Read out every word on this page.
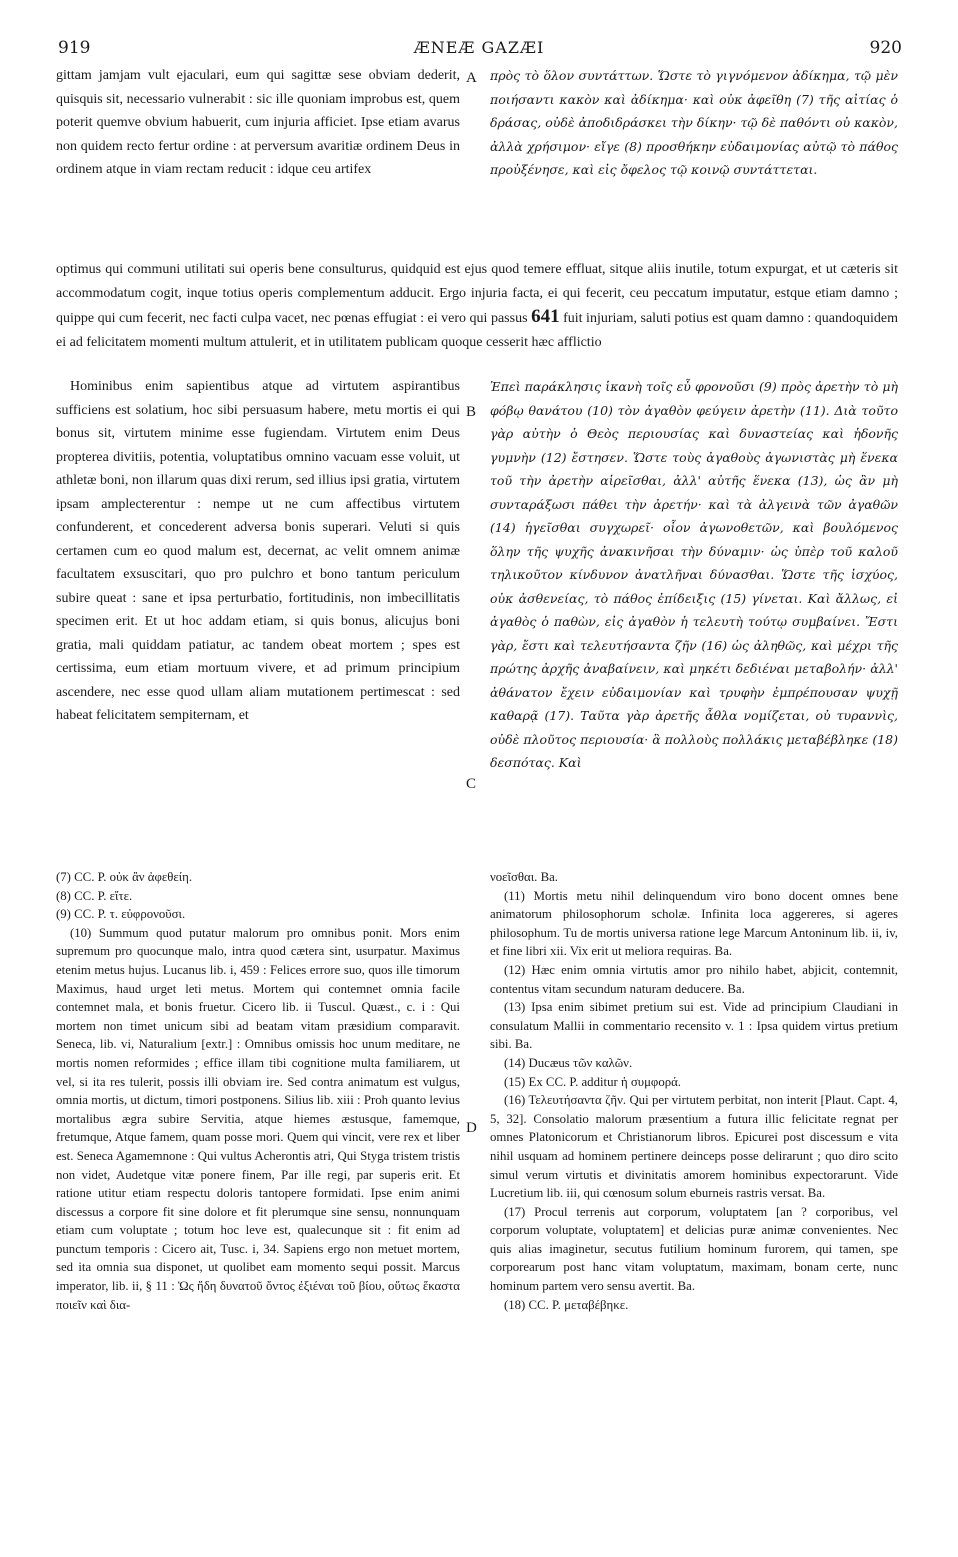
919	ÆNEÆ GAZÆI	920

gittam jamjam vult ejaculari, eum qui sagittæ sese obviam dederit, quisquis sit, necessario vulnerabit : sic ille quoniam improbus est, quem poterit quemve obvium habuerit, cum injuria afficiet. Ipse etiam avarus non quidem recto fertur ordine : at perversum avaritiæ ordinem Deus in ordinem atque in viam rectam reducit : idque ceu artifex

A πρὸς τὸ ὅλον συντάττων. Ὥστε τὸ γιγνόμενον ἀδίκημα, τῷ μὲν ποιήσαντι κακὸν καὶ ἀδίκημα· καὶ οὐκ ἀφεῖθη (7) τῆς αἰτίας ὁ δράσας, οὐδὲ ἀποδιδράσκει τὴν δίκην· τῷ δὲ παθόντι οὐ κακὸν, ἀλλὰ χρήσιμον· εἴγε (8) προσθήκην εὐδαιμονίας αὐτῷ τὸ πάθος προὐξένησε, καὶ εἰς ὄφελος τῷ κοινῷ συντάττεται.

optimus qui communi utilitati sui operis bene consulturus, quidquid est ejus quod temere effluat, sitque aliis inutile, totum expurgat, et ut cæteris sit accommodatum cogit, inque totius operis complementum adducit. Ergo injuria facta, ei qui fecerit, ceu peccatum imputatur, estque etiam damno ; quippe qui cum fecerit, nec facti culpa vacet, nec pœnas effugiat : ei vero qui passus 641 fuit injuriam, saluti potius est quam damno : quandoquidem ei ad felicitatem momenti multum attulerit, et in utilitatem publicam quoque cesserit hæc afflictio

Hominibus enim sapientibus atque ad virtutem aspirantibus sufficiens est solatium, hoc sibi persuasum habere, metu mortis ei qui bonus sit, virtutem minime esse fugiendam. Virtutem enim Deus propterea divitiis, potentia, voluptatibus omnino vacuam esse voluit, ut athletæ boni, non illarum quas dixi rerum, sed illius ipsi gratia, virtutem ipsam amplecterentur : nempe ut ne cum affectibus virtutem confunderent, et concederent adversa bonis superari. Veluti si quis certamen cum eo quod malum est, decernat, ac velit omnem animæ facultatem exsuscitari, quo pro pulchro et bono tantum periculum subire queat : sane et ipsa perturbatio, fortitudinis, non imbecillitatis specimen erit. Et ut hoc addam etiam, si quis bonus, alicujus boni gratia, mali quiddam patiatur, ac tandem obeat mortem ; spes est certissima, eum etiam mortuum vivere, et ad primum principium ascendere, nec esse quod ullam aliam mutationem pertimescat : sed habeat felicitatem sempiternam, et

B
C

Ἐπεὶ παράκλησις ἱκανὴ τοῖς εὖ φρονοῦσι (9) πρὸς ἀρετὴν τὸ μὴ φόβῳ θανάτου (10) τὸν ἀγαθὸν φεύγειν ἀρετὴν (11). Διὰ τοῦτο γὰρ αὐτὴν ὁ Θεὸς περιουσίας καὶ δυναστείας καὶ ἡδονῆς γυμνὴν (12) ἔστησεν. Ὥστε τοὺς ἀγαθοὺς ἀγωνιστὰς μὴ ἕνεκα τοῦ τὴν ἀρετὴν αἱρεῖσθαι, ἀλλ' αὐτῆς ἕνεκα (13), ὡς ἂν μὴ συνταράξωσι πάθει τὴν ἀρετήν· καὶ τὰ ἀλγεινὰ τῶν ἀγαθῶν (14) ἡγεῖσθαι συγχωρεῖ· οἷον ἀγωνοθετῶν, καὶ βουλόμενος ὅλην τῆς ψυχῆς ἀνακινῆσαι τὴν δύναμιν· ὡς ὑπὲρ τοῦ καλοῦ τηλικοῦτον κίνδυνον ἀνατλῆναι δύνασθαι. Ὥστε τῆς ἰσχύος, οὐκ ἀσθενείας, τὸ πάθος ἐπίδειξις (15) γίνεται. Καὶ ἄλλως, εἰ ἀγαθὸς ὁ παθὼν, εἰς ἀγαθὸν ἡ τελευτὴ τούτῳ συμβαίνει. Ἔστι γὰρ, ἔστι καὶ τελευτήσαντα ζῆν (16) ὡς ἀληθῶς, καὶ μέχρι τῆς πρώτης ἀρχῆς ἀναβαίνειν, καὶ μηκέτι δεδιέναι μεταβολήν· ἀλλ' ἀθάνατον ἔχειν εὐδαιμονίαν καὶ τρυφὴν ἐμπρέπουσαν ψυχῇ καθαρᾷ (17). Ταῦτα γὰρ ἀρετῆς ἆθλα νομίζεται, οὐ τυραννὶς, οὐδὲ πλοῦτος περιουσία· ἃ πολλοὺς πολλάκις μεταβέβληκε (18) δεσπότας. Καὶ

(7) CC. P. οὐκ ἂν ἀφεθείη.

(8) CC. P. εἴτε.

(9) CC. P. τ. εὐφρονοῦσι.

(10) Summum quod putatur malorum pro omnibus ponit. Mors enim supremum pro quocunque malo, intra quod cætera sint, usurpatur. Maximus etenim metus hujus. Lucanus lib. i, 459 : Felices errore suo, quos ille timorum Maximus, haud urget leti metus. Mortem qui contemnet omnia facile contemnet mala, et bonis fruetur. Cicero lib. ii Tuscul. Quæst., c. i : Qui mortem non timet unicum sibi ad beatam vitam præsidium comparavit. Seneca, lib. vi, Naturalium [extr.] : Omnibus omissis hoc unum meditare, ne mortis nomen reformides ; effice illam tibi cognitione multa familiarem, ut vel, si ita res tulerit, possis illi obviam ire. Sed contra animatum est vulgus, omnia mortis, ut dictum, timori postponens. Silius lib. xiii : Proh quanto levius mortalibus ægra subire Servitia, atque hiemes æstusque, famemque, fretumque, Atque famem, quam posse mori. Quem qui vincit, vere rex et liber est. Seneca Agamemnone : Qui vultus Acherontis atri, Qui Styga tristem tristis non videt, Audetque vitæ ponere finem, Par ille regi, par superis erit. Et ratione utitur etiam respectu doloris tantopere formidati. Ipse enim animi discessus a corpore fit sine dolore et fit plerumque sine sensu, nonnunquam etiam cum voluptate ; totum hoc leve est, qualecunque sit : fit enim ad punctum temporis : Cicero ait, Tusc. i, 34. Sapiens ergo non metuet mortem, sed ita omnia sua disponet, ut quolibet eam momento sequi possit. Marcus imperator, lib. ii, § 11 : Ὡς ἤδη δυνατοῦ ὄντος ἐξιέναι τοῦ βίου, οὕτως ἕκαστα ποιεῖν καὶ δια-

D

νοεῖσθαι. Ba.

(11) Mortis metu nihil delinquendum viro bono docent omnes bene animatorum philosophorum scholæ. Infinita loca aggereres, si ageres philosophum. Tu de mortis universa ratione lege Marcum Antoninum lib. ii, iv, et fine libri xii. Vix erit ut meliora requiras. Ba.

(12) Hæc enim omnia virtutis amor pro nihilo habet, abjicit, contemnit, contentus vitam secundum naturam deducere. Ba.

(13) Ipsa enim sibimet pretium sui est. Vide ad principium Claudiani in consulatum Mallii in commentario recensito v. 1 : Ipsa quidem virtus pretium sibi. Ba.

(14) Ducæus τῶν καλῶν.

(15) Ex CC. P. additur ἡ συμφορά.

(16) Τελευτήσαντα ζῆν. Qui per virtutem perbitat, non interit [Plaut. Capt. 4, 5, 32]. Consolatio malorum præsentium a futura illic felicitate regnat per omnes Platonicorum et Christianorum libros. Epicurei post discessum e vita nihil usquam ad hominem pertinere deinceps posse delirarunt ; quo diro scito simul verum virtutis et divinitatis amorem hominibus expectorarunt. Vide Lucretium lib. iii, qui cœnosum solum eburneis rastris versat. Ba.

(17) Procul terrenis aut corporum, voluptatem [an ? corporibus, vel corporum voluptate, voluptatem] et delicias puræ animæ convenientes. Nec quis alias imaginetur, secutus futilium hominum furorem, qui tamen, spe corporearum post hanc vitam voluptatum, maximam, bonam certe, nunc hominum partem vero sensu avertit. Ba.

(18) CC. P. μεταβέβηκε.
